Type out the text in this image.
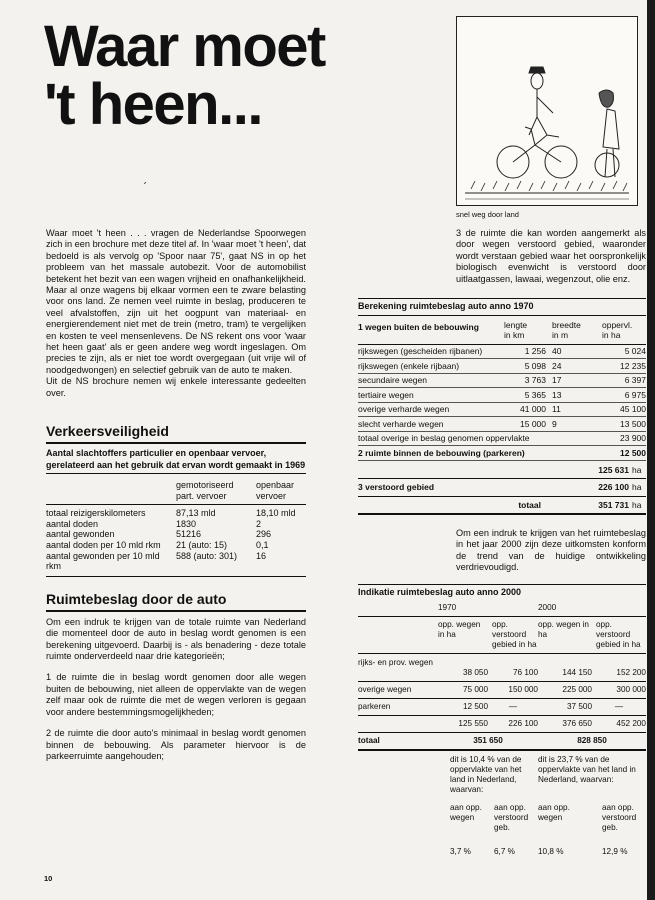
Waar moet
't heen...
ˊ
snel weg door land

Waar moet 't heen . . . vragen de Nederlandse Spoorwegen zich in een brochure met deze titel af. In 'waar moet 't heen', dat bedoeld is als vervolg op 'Spoor naar 75', gaat NS in op het probleem van het massale autobezit. Voor de automobilist betekent het bezit van een wagen vrijheid en onafhankelijkheid. Maar al onze wagens bij elkaar vormen een te zware belasting voor ons land. Ze nemen veel ruimte in beslag, produceren te veel afvalstoffen, zijn uit het oogpunt van materiaal- en energierendement niet met de trein (metro, tram) te vergelijken en kosten te veel mensenlevens. De NS rekent ons voor 'waar het heen gaat' als er geen andere weg wordt ingeslagen. Om precies te zijn, als er niet toe wordt overgegaan (uit vrije wil of noodgedwongen) en selectief gebruik van de auto te maken.

Uit de NS brochure nemen wij enkele interessante gedeelten over.

Verkeersveiligheid

Aantal slachtoffers particulier en openbaar vervoer, gerelateerd aan het gebruik dat ervan wordt gemaakt in 1969

	gemotoriseerd
part. vervoer	openbaar
vervoer

totaal reizigerskilometers	87,13 mld	18,10 mld
aantal doden	1830	2
aantal gewonden	51216	296
aantal doden per 10 mld rkm	21 (auto: 15)	0,1
aantal gewonden per 10 mld rkm	588 (auto: 301)	16
Ruimtebeslag door de auto

Om een indruk te krijgen van de totale ruimte van Nederland die momenteel door de auto in beslag wordt genomen is een berekening uitgevoerd. Daarbij is - als benadering - deze totale ruimte onderverdeeld naar drie kategorieën;

1 de ruimte die in beslag wordt genomen door alle wegen buiten de bebouwing, niet alleen de oppervlakte van de wegen zelf maar ook de ruimte die met de wegen verloren is gegaan voor andere bestemmingsmogelijkheden;

2 de ruimte die door auto's minimaal in beslag wordt genomen binnen de bebouwing. Als parameter hiervoor is de parkeerruimte aangehouden;

3 de ruimte die kan worden aangemerkt als door wegen verstoord gebied, waaronder wordt verstaan gebied waar het oorspronkelijk biologisch evenwicht is verstoord door uitlaatgassen, lawaai, wegenzout, olie enz.

Berekening ruimtebeslag auto anno 1970

1 wegen buiten de bebouwing	lengte
in km	breedte
in m	oppervl.
in ha

rijkswegen (gescheiden rijbanen)	1 256	40	5 024
rijkswegen (enkele rijbaan)	5 098	24	12 235
secundaire wegen	3 763	17	6 397
tertiaire wegen	5 365	13	6 975
overige verharde wegen	41 000	11	45 100
slecht verharde wegen	15 000	9	13 500
totaal overige in beslag genomen oppervlakte			23 900
2 ruimte binnen de bebouwing (parkeren)			12 500
	125 631	ha

3 verstoord gebied	226 100	ha

totaal	351 731	ha

Om een indruk te krijgen van het ruimtebeslag in het jaar 2000 zijn deze uitkomsten konform de trend van de huidige ontwikkeling verdrievoudigd.

Indikatie ruimtebeslag auto anno 2000

	1970		2000	

	opp. wegen in ha	opp. verstoord gebied in ha	opp. wegen in ha	opp. verstoord gebied in ha

rijks- en prov. wegen	38 050	76 100	144 150	152 200

overige wegen	75 000	150 000	225 000	300 000

parkeren	12 500	—	37 500	—

	125 550	226 100	376 650	452 200

totaal	351 650		828 850	

	dit is 10,4 % van de oppervlakte van het land in Nederland, waarvan:		dit is 23,7 % van de oppervlakte van het land in Nederland, waarvan:	
	aan opp. wegen	aan opp. verstoord geb.	aan opp. wegen	aan opp. verstoord geb.
	3,7 %	6,7 %	10,8 %	12,9 %
10
